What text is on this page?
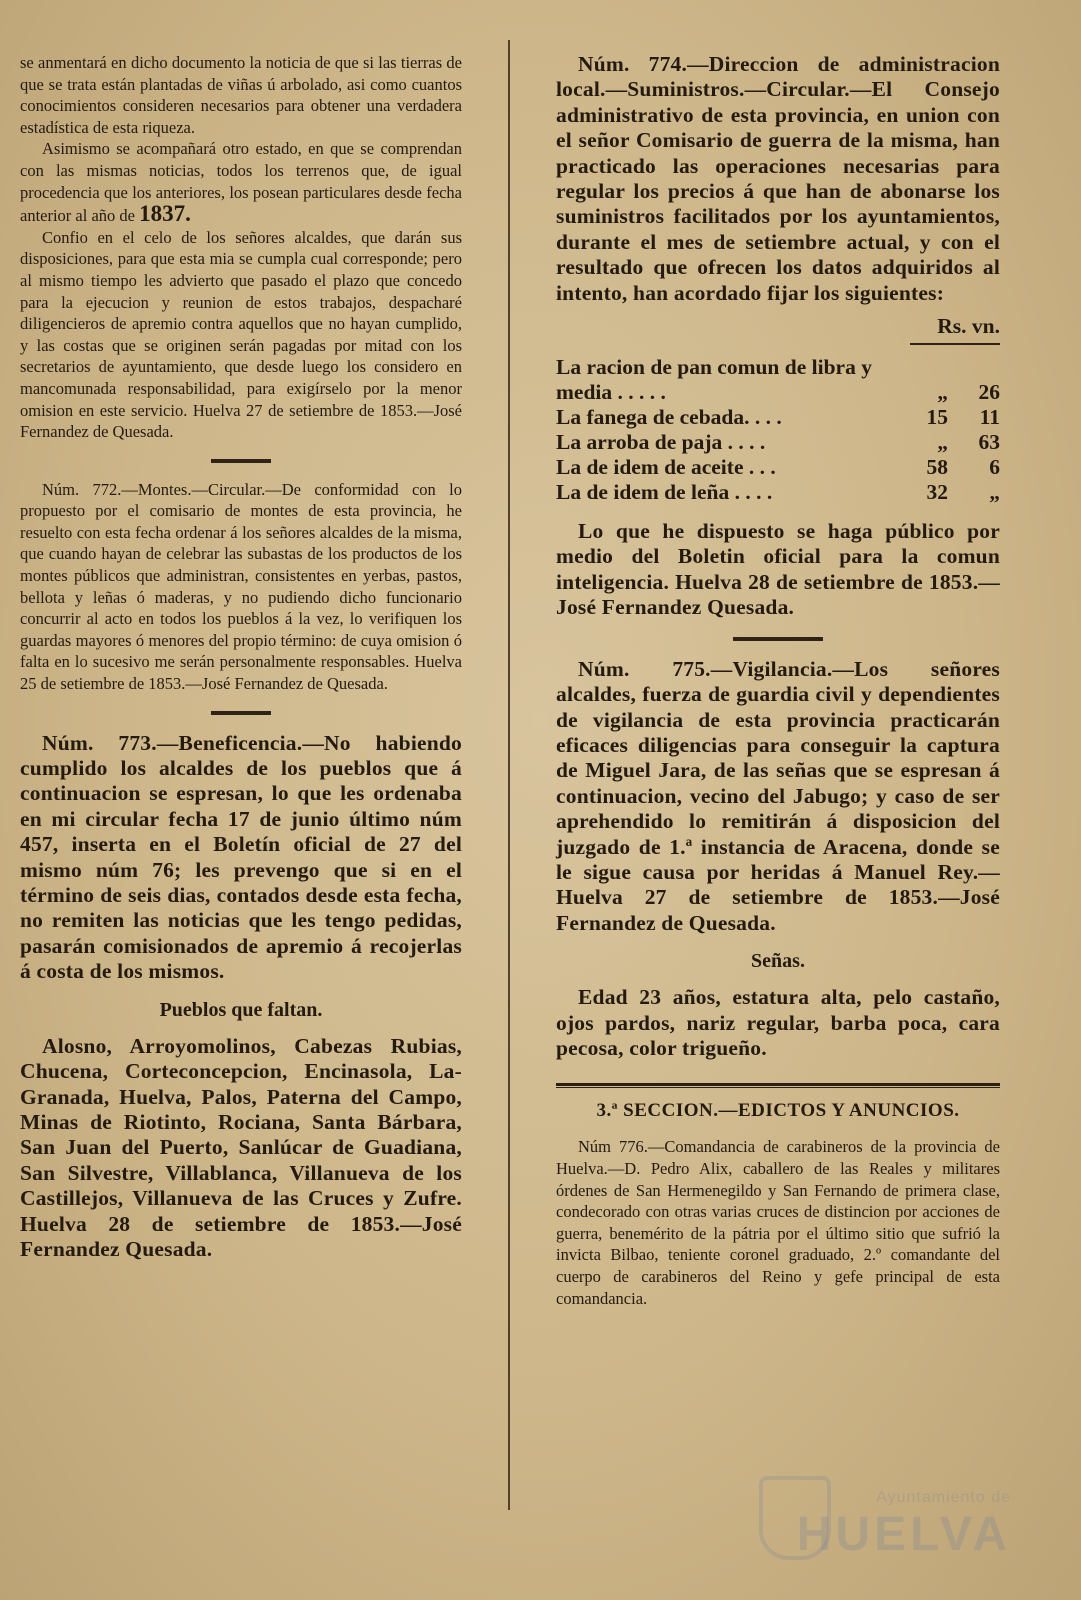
se anmentará en dicho documento la noticia de que si las tierras de que se trata están plantadas de viñas ú arbolado, asi como cuantos conocimientos consideren necesarios para obtener una verdadera estadística de esta riqueza.

Asimismo se acompañará otro estado, en que se comprendan con las mismas noticias, todos los terrenos que, de igual procedencia que los anteriores, los posean particulares desde fecha anterior al año de 1837.

Confio en el celo de los señores alcaldes, que darán sus disposiciones, para que esta mia se cumpla cual corresponde; pero al mismo tiempo les advierto que pasado el plazo que concedo para la ejecucion y reunion de estos trabajos, despacharé diligencieros de apremio contra aquellos que no hayan cumplido, y las costas que se originen serán pagadas por mitad con los secretarios de ayuntamiento, que desde luego los considero en mancomunada responsabilidad, para exigírselo por la menor omision en este servicio. Huelva 27 de setiembre de 1853.—José Fernandez de Quesada.

Núm. 772.—Montes.—Circular.—De conformidad con lo propuesto por el comisario de montes de esta provincia, he resuelto con esta fecha ordenar á los señores alcaldes de la misma, que cuando hayan de celebrar las subastas de los productos de los montes públicos que administran, consistentes en yerbas, pastos, bellota y leñas ó maderas, y no pudiendo dicho funcionario concurrir al acto en todos los pueblos á la vez, lo verifiquen los guardas mayores ó menores del propio término: de cuya omision ó falta en lo sucesivo me serán personalmente responsables. Huelva 25 de setiembre de 1853.—José Fernandez de Quesada.

Núm. 773.—Beneficencia.—No habiendo cumplido los alcaldes de los pueblos que á continuacion se espresan, lo que les ordenaba en mi circular fecha 17 de junio último núm 457, inserta en el Boletín oficial de 27 del mismo núm 76; les prevengo que si en el término de seis dias, contados desde esta fecha, no remiten las noticias que les tengo pedidas, pasarán comisionados de apremio á recojerlas á costa de los mismos.

Pueblos que faltan.

Alosno, Arroyomolinos, Cabezas Rubias, Chucena, Corteconcepcion, Encinasola, La-Granada, Huelva, Palos, Paterna del Campo, Minas de Riotinto, Rociana, Santa Bárbara, San Juan del Puerto, Sanlúcar de Guadiana, San Silvestre, Villablanca, Villanueva de los Castillejos, Villanueva de las Cruces y Zufre. Huelva 28 de setiembre de 1853.—José Fernandez Quesada.

Núm. 774.—Direccion de administracion local.—Suministros.—Circular.—El Consejo administrativo de esta provincia, en union con el señor Comisario de guerra de la misma, han practicado las operaciones necesarias para regular los precios á que han de abonarse los suministros facilitados por los ayuntamientos, durante el mes de setiembre actual, y con el resultado que ofrecen los datos adquiridos al intento, han acordado fijar los siguientes:

Rs. vn.
La racion de pan comun de libra y media . . . . .	„	26
La fanega de cebada. . . .	15	11
La arroba de paja . . . .	„	63
La de idem de aceite . . .	58	6
La de idem de leña . . . .	32	„

Lo que he dispuesto se haga público por medio del Boletin oficial para la comun inteligencia. Huelva 28 de setiembre de 1853.—José Fernandez Quesada.

Núm. 775.—Vigilancia.—Los señores alcaldes, fuerza de guardia civil y dependientes de vigilancia de esta provincia practicarán eficaces diligencias para conseguir la captura de Miguel Jara, de las señas que se espresan á continuacion, vecino del Jabugo; y caso de ser aprehendido lo remitirán á disposicion del juzgado de 1.ª instancia de Aracena, donde se le sigue causa por heridas á Manuel Rey.—Huelva 27 de setiembre de 1853.—José Fernandez de Quesada.

Señas.

Edad 23 años, estatura alta, pelo castaño, ojos pardos, nariz regular, barba poca, cara pecosa, color trigueño.

3.ª SECCION.—EDICTOS Y ANUNCIOS.

Núm 776.—Comandancia de carabineros de la provincia de Huelva.—D. Pedro Alix, caballero de las Reales y militares órdenes de San Hermenegildo y San Fernando de primera clase, condecorado con otras varias cruces de distincion por acciones de guerra, benemérito de la pátria por el último sitio que sufrió la invicta Bilbao, teniente coronel graduado, 2.º comandante del cuerpo de carabineros del Reino y gefe principal de esta comandancia.

Ayuntamiento de
HUELVA
